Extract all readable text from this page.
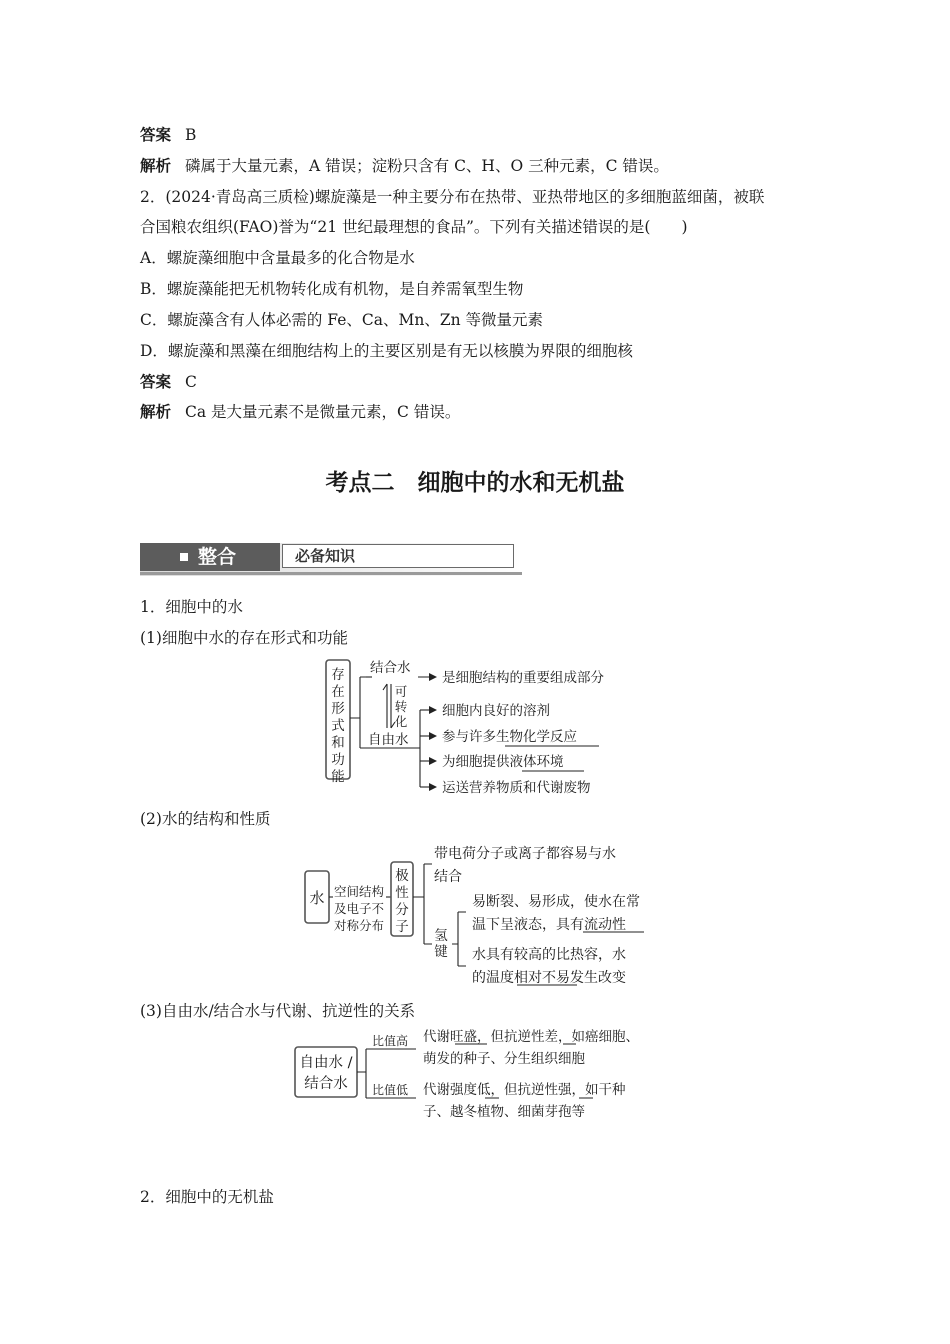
答案 B
解析 磷属于大量元素，A 错误；淀粉只含有 C、H、O 三种元素，C 错误。
2．(2024·青岛高三质检)螺旋藻是一种主要分布在热带、亚热带地区的多细胞蓝细菌，被联
合国粮农组织(FAO)誉为“21 世纪最理想的食品”。下列有关描述错误的是(　　)
A．螺旋藻细胞中含量最多的化合物是水
B．螺旋藻能把无机物转化成有机物，是自养需氧型生物
C．螺旋藻含有人体必需的 Fe、Ca、Mn、Zn 等微量元素
D．螺旋藻和黑藻在细胞结构上的主要区别是有无以核膜为界限的细胞核
答案 C
解析 Ca 是大量元素不是微量元素，C 错误。
考点二　细胞中的水和无机盐
整合	必备知识
1．细胞中的水
(1)细胞中水的存在形式和功能
(2)水的结构和性质
(3)自由水/结合水与代谢、抗逆性的关系
2．细胞中的无机盐
存
在
形
式
和
功
能
结合水
自由水
可
转
化
是细胞结构的重要组成部分
细胞内良好的溶剂
参与许多生物化学反应
为细胞提供液体环境
运送营养物质和代谢废物
水 空间结构
及电子不
对称分布
极
性
分
子
带电荷分子或离子都容易与水
结合
氢
键
易断裂、易形成，使水在常
温下呈液态，具有流动性
水具有较高的比热容，水
的温度相对不易发生改变
自由水 /
结合水
比值高
比值低
代谢旺盛，但抗逆性差，如癌细胞、
萌发的种子、分生组织细胞
代谢强度低，但抗逆性强，如干种
子、越冬植物、细菌芽孢等
